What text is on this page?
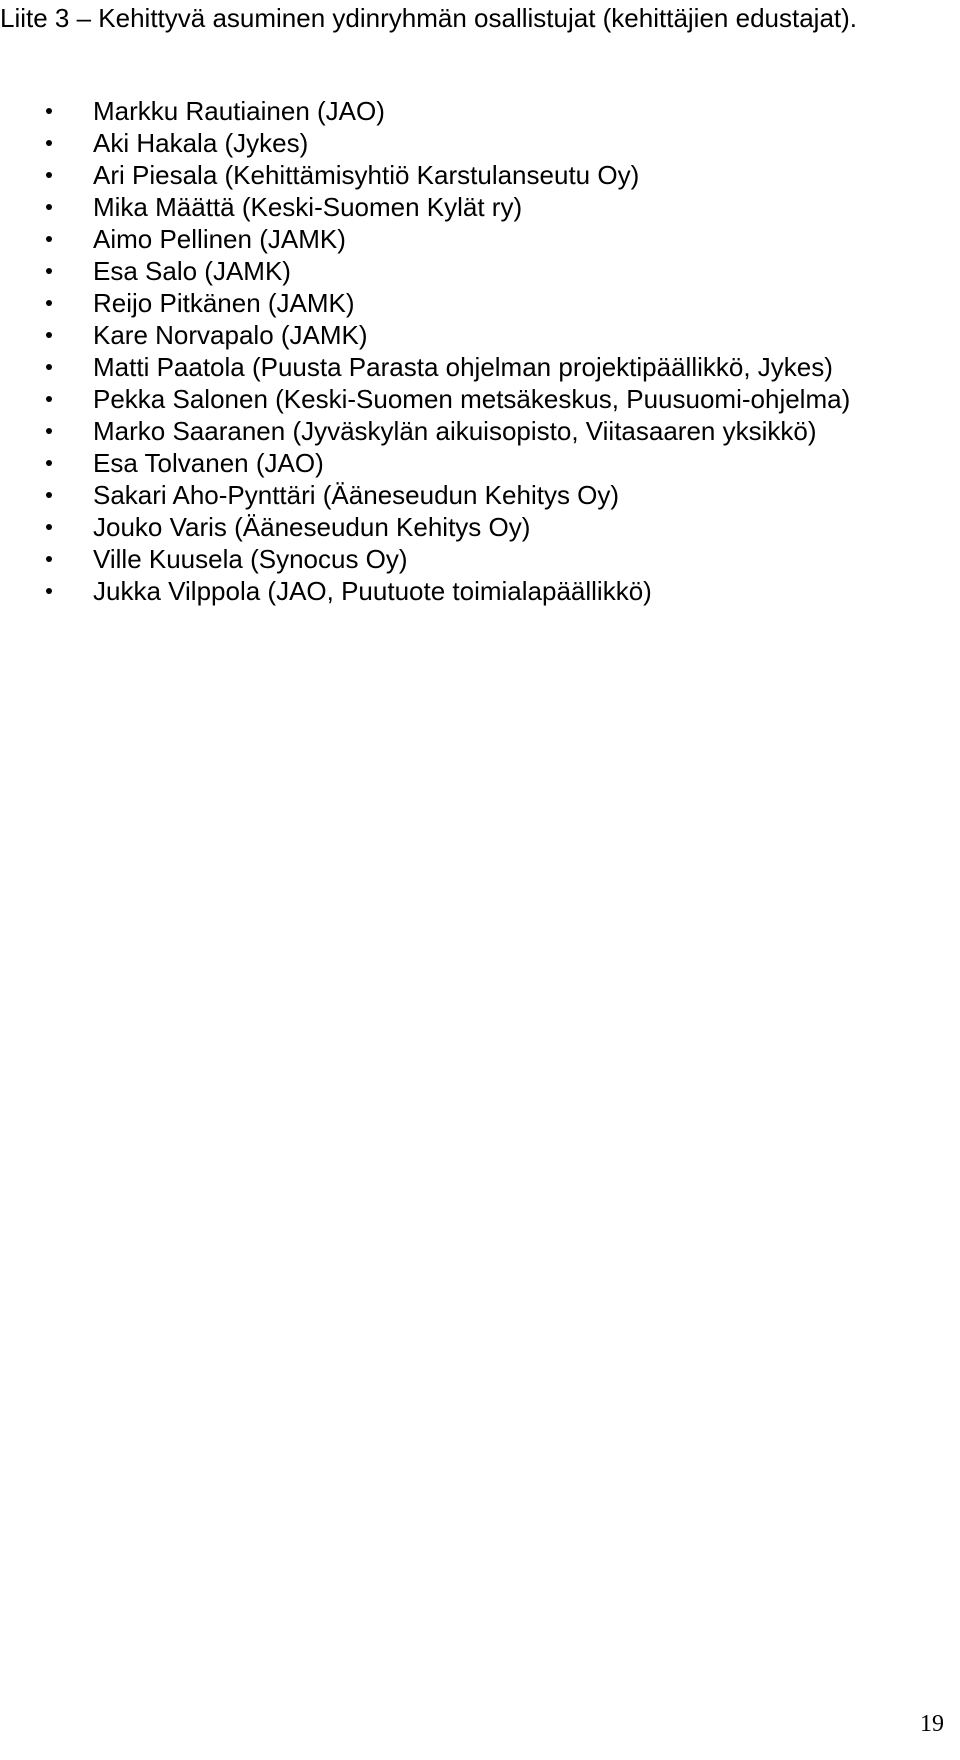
Liite 3 – Kehittyvä asuminen ydinryhmän osallistujat (kehittäjien edustajat).
Markku Rautiainen (JAO)
Aki Hakala (Jykes)
Ari Piesala (Kehittämisyhtiö Karstulanseutu Oy)
Mika Määttä (Keski-Suomen Kylät ry)
Aimo Pellinen (JAMK)
Esa Salo (JAMK)
Reijo Pitkänen (JAMK)
Kare Norvapalo (JAMK)
Matti Paatola (Puusta Parasta ohjelman projektipäällikkö, Jykes)
Pekka Salonen (Keski-Suomen metsäkeskus, Puusuomi-ohjelma)
Marko Saaranen (Jyväskylän aikuisopisto, Viitasaaren yksikkö)
Esa Tolvanen (JAO)
Sakari Aho-Pynttäri (Ääneseudun Kehitys Oy)
Jouko Varis (Ääneseudun Kehitys Oy)
Ville Kuusela (Synocus Oy)
Jukka Vilppola (JAO, Puutuote toimialapäällikkö)
19
